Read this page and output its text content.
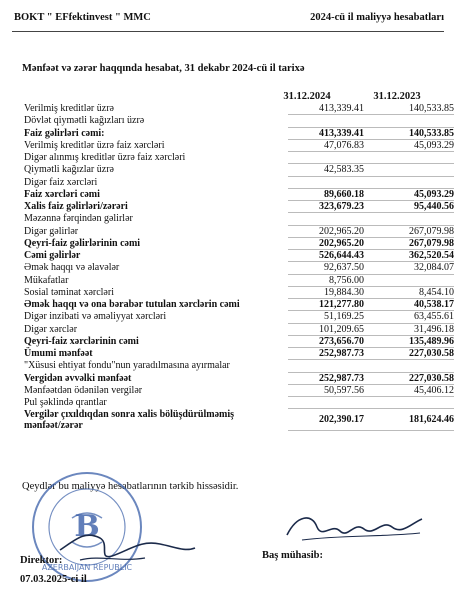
BOKT " EFfektinvest " MMC	2024-cü il maliyyə hesabatları
Mənfəət və zərər haqqında hesabat, 31 dekabr 2024-cü il tarixə
31.12.2024	31.12.2023
Verilmiş kreditlər üzrə	413,339.41	140,533.85
Dövlət qiymətli kağızları üzrə
Faiz gəlirləri cəmi:	413,339.41	140,533.85
Verilmiş kreditlər üzrə faiz xərcləri	47,076.83	45,093.29
Digər alınmış kreditlər üzrə faiz xərcləri
Qiymətli kağızlar üzrə	42,583.35
Digər faiz xərcləri
Faiz xərcləri cəmi	89,660.18	45,093.29
Xalis faiz gəlirləri/zərəri	323,679.23	95,440.56
Məzənnə fərqindən gəlirlər
Digər gəlirlər	202,965.20	267,079.98
Qeyri-faiz gəlirlərinin cəmi	202,965.20	267,079.98
Cəmi gəlirlər	526,644.43	362,520.54
Əmək haqqı və əlavələr	92,637.50	32,084.07
Mükafatlar	8,756.00
Sosial təminat xərcləri	19,884.30	8,454.10
Əmək haqqı və ona bərabər tutulan xərclərin cəmi	121,277.80	40,538.17
Digər inzibati və əməliyyat xərcləri	51,169.25	63,455.61
Digər xərclər	101,209.65	31,496.18
Qeyri-faiz xərclərinin cəmi	273,656.70	135,489.96
Ümumi mənfəət	252,987.73	227,030.58
"Xüsusi ehtiyat fondu"nun yaradılmasına ayırmalar
Vergidən əvvəlki mənfəət	252,987.73	227,030.58
Mənfəətdən ödənilən vergilər	50,597.56	45,406.12
Pul şəklində qrantlar
Vergilər çıxıldıqdan sonra xalis bölüşdürülməmiş mənfəət/zərər
202,390.17	181,624.46
Qeydlər bu maliyyə hesabatlarının tərkib hissəsidir.
AZERBAIJAN REPUBLIC
B
Direktor:	Baş mühasib:
07.03.2025-ci il
